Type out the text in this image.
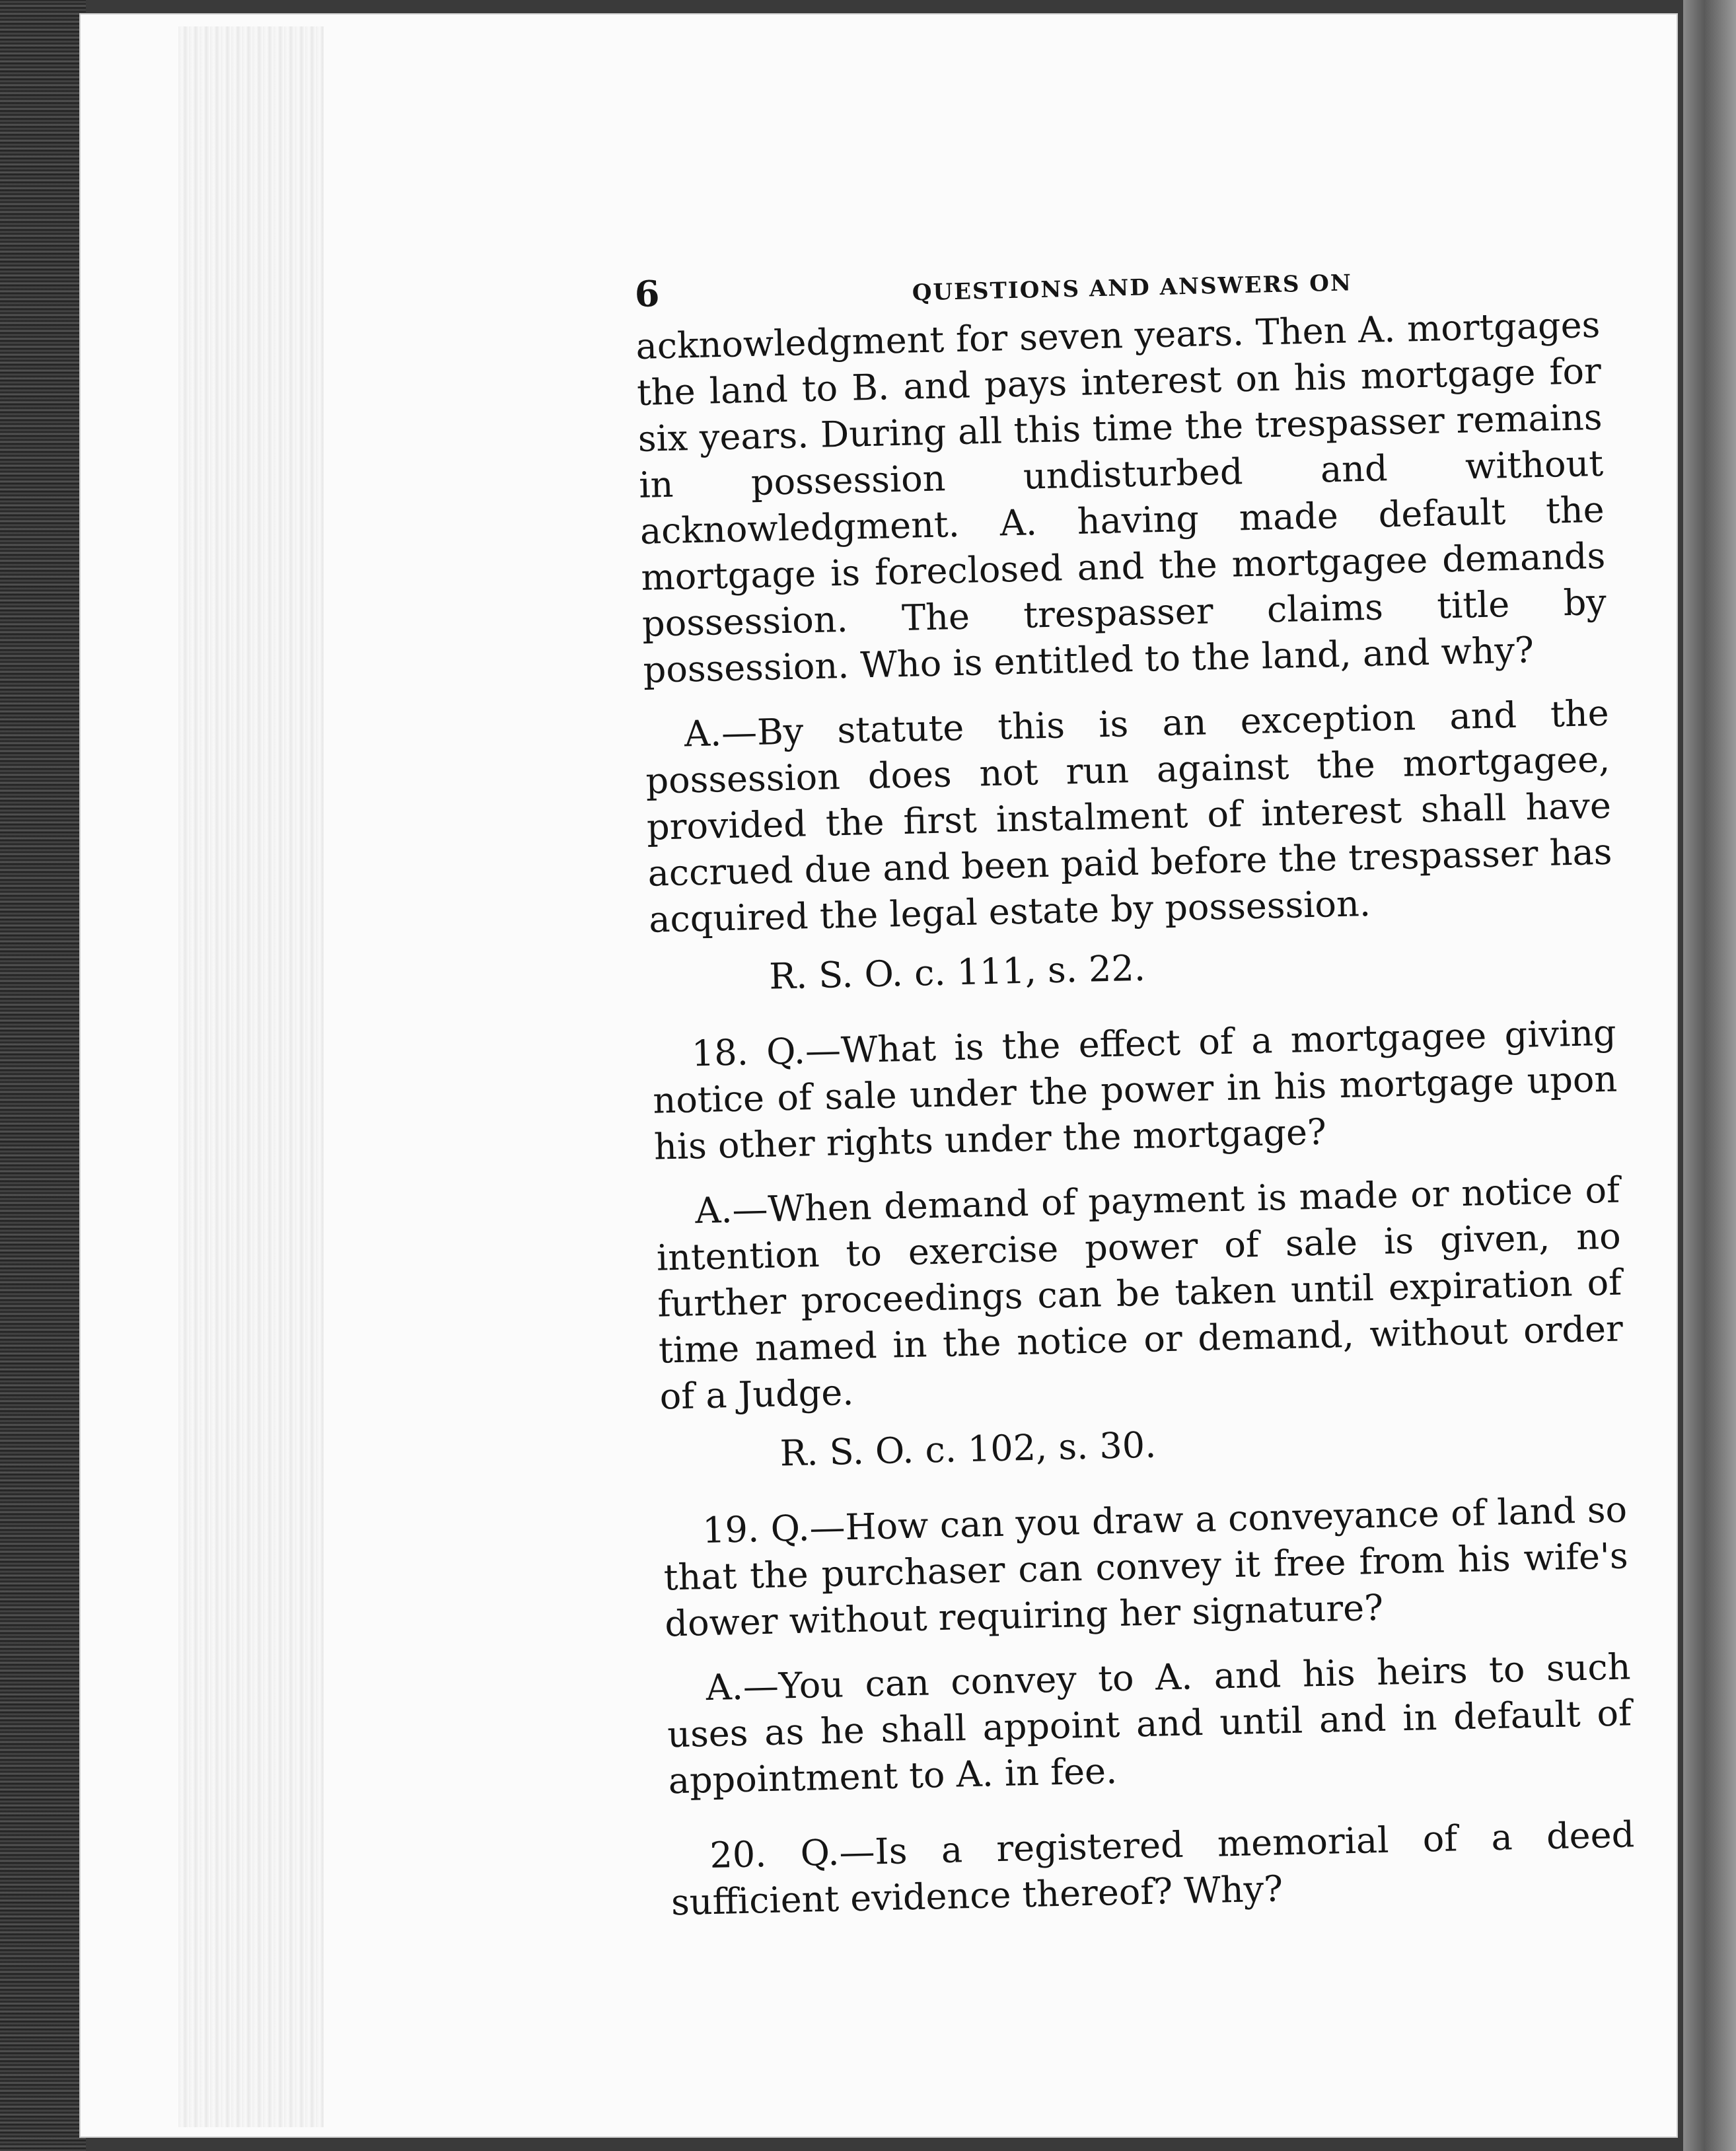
6	QUESTIONS AND ANSWERS ON

acknowledgment for seven years. Then A. mortgages the land to B. and pays interest on his mortgage for six years. During all this time the trespasser remains in possession undisturbed and without acknowledgment. A. having made default the mortgage is foreclosed and the mortgagee demands possession. The trespasser claims title by possession. Who is entitled to the land, and why?

A.—By statute this is an exception and the possession does not run against the mortgagee, provided the first instalment of interest shall have accrued due and been paid before the trespasser has acquired the legal estate by possession.

R. S. O. c. 111, s. 22.

18. Q.—What is the effect of a mortgagee giving notice of sale under the power in his mortgage upon his other rights under the mortgage?

A.—When demand of payment is made or notice of intention to exercise power of sale is given, no further proceedings can be taken until expiration of time named in the notice or demand, without order of a Judge.

R. S. O. c. 102, s. 30.

19. Q.—How can you draw a conveyance of land so that the purchaser can convey it free from his wife's dower without requiring her signature?

A.—You can convey to A. and his heirs to such uses as he shall appoint and until and in default of appointment to A. in fee.

20. Q.—Is a registered memorial of a deed sufficient evidence thereof? Why?
